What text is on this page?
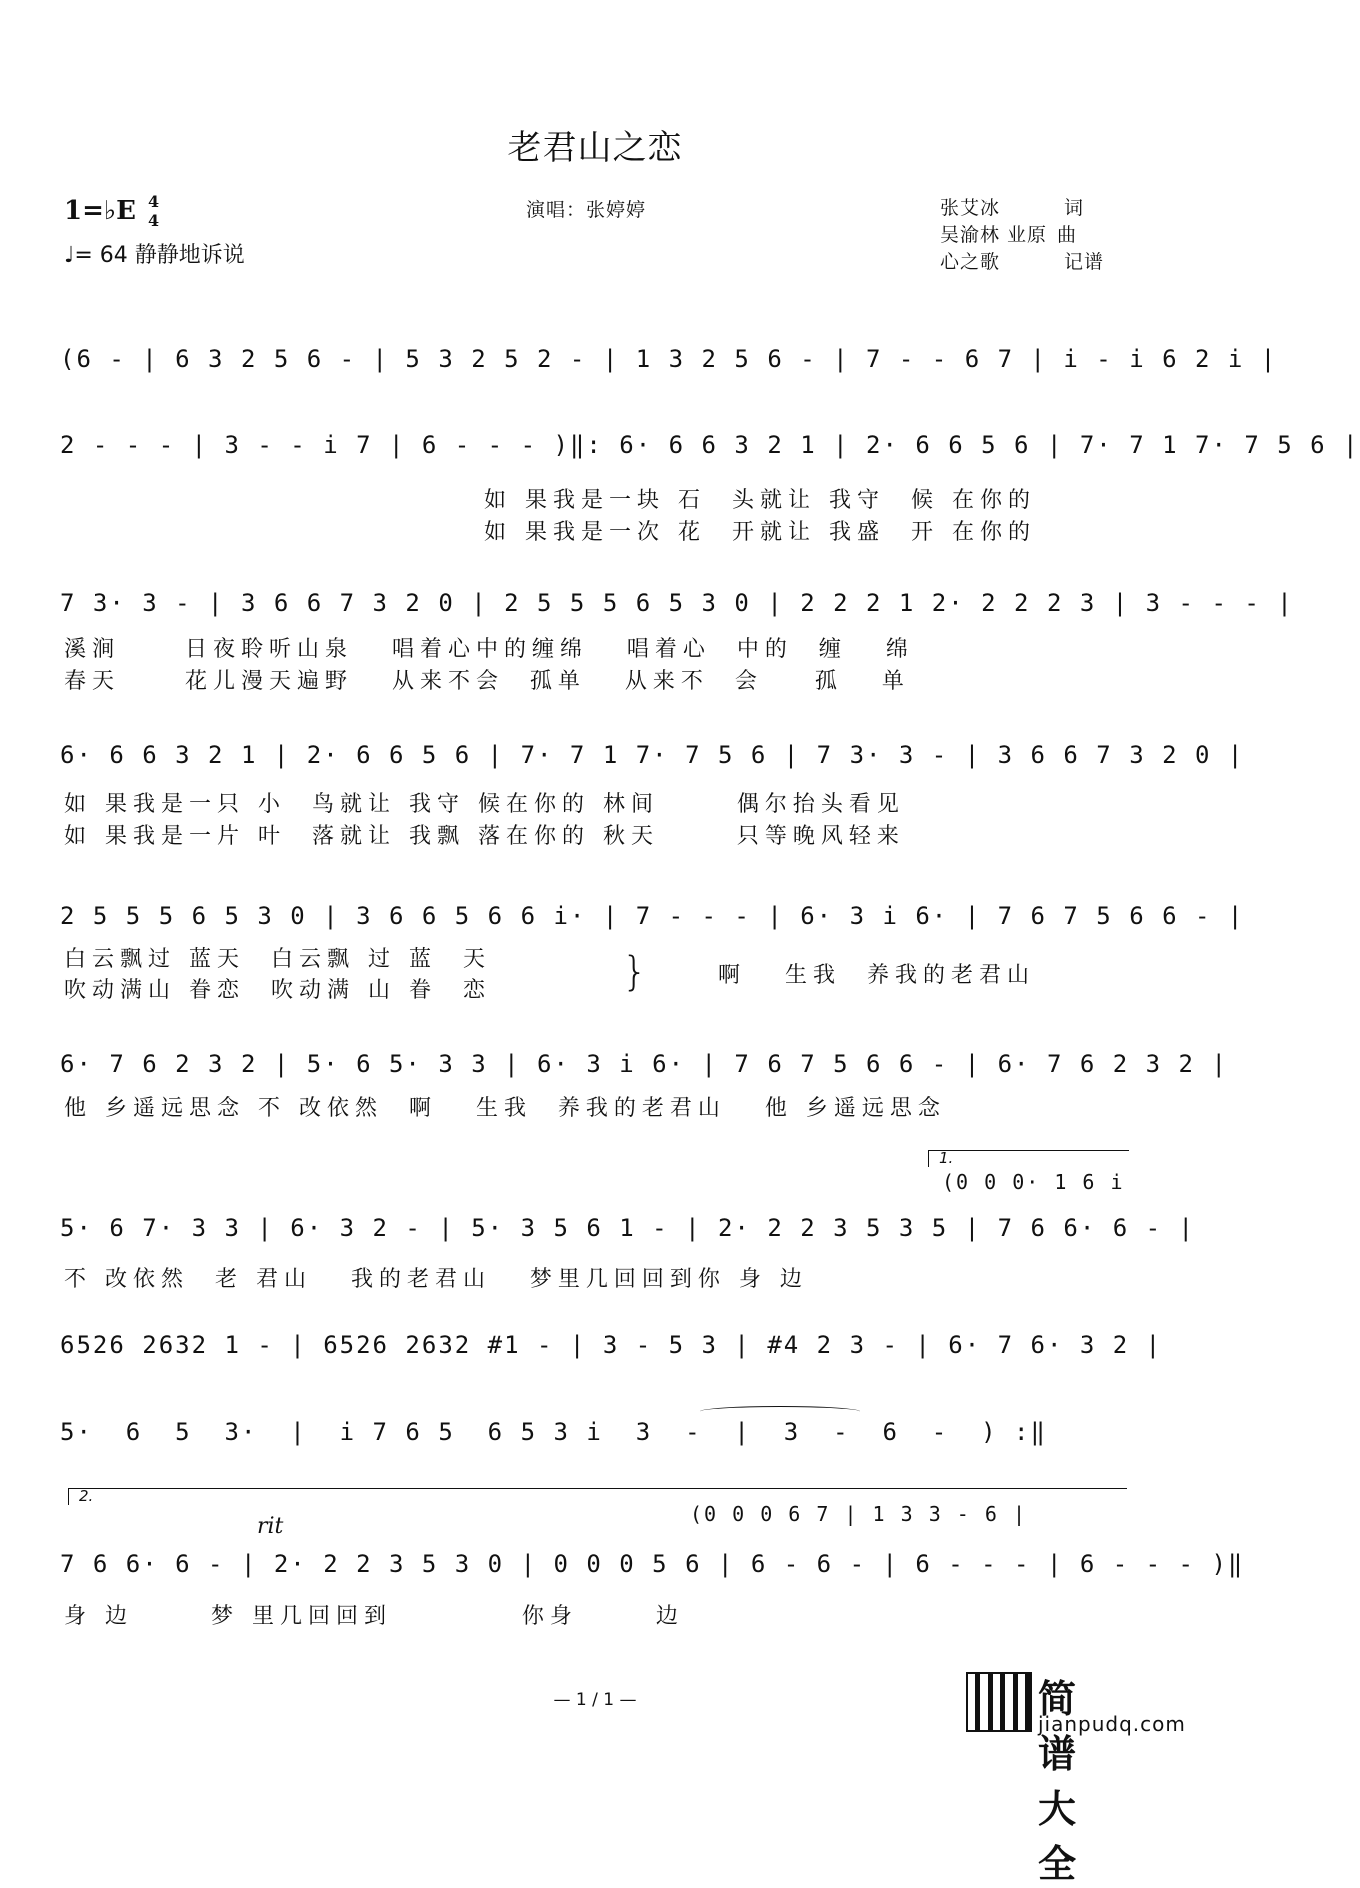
老君山之恋
1=♭E 4
4
♩= 64 静静地诉说
演唱：张婷婷	张艾冰	词
吴渝林 业原 曲
心之歌	记谱
(6 - | 6 3 2 5 6 - | 5 3 2 5 2 - | 1 3 2 5 6 - | 7 - - 6 7 | i - i 6 2 i |
2 - - - | 3 - - i 7 | 6 - - - )‖: 6· 6 6 3 2 1 | 2· 6 6 5 6 | 7· 7 1 7· 7 5 6 |
如 果我是一块 石  头就让 我守  候 在你的
如 果我是一次 花  开就让 我盛  开 在你的
7 3· 3 - | 3 6 6 7 3 2 0 | 2 5 5 5 6 5 3 0 | 2 2 2 1 2· 2 2 2 3 | 3 - - - |
溪涧     日夜聆听山泉   唱着心中的缠绵   唱着心  中的  缠   绵
春天     花儿漫天遍野   从来不会  孤单   从来不  会    孤   单
6· 6 6 3 2 1 | 2· 6 6 5 6 | 7· 7 1 7· 7 5 6 | 7 3· 3 - | 3 6 6 7 3 2 0 |
如 果我是一只 小  鸟就让 我守 候在你的 林间      偶尔抬头看见
如 果我是一片 叶  落就让 我飘 落在你的 秋天      只等晚风轻来
2 5 5 5 6 5 3 0 | 3 6 6 5 6 6 i· | 7 - - - | 6· 3 i 6· | 7 6 7 5 6 6 - |
白云飘过 蓝天  白云飘 过 蓝  天
吹动满山 眷恋  吹动满 山 眷  恋	}	啊   生我  养我的老君山
6· 7 6 2 3 2 | 5· 6 5· 3 3 | 6· 3 i 6· | 7 6 7 5 6 6 - | 6· 7 6 2 3 2 |
他 乡遥远思念 不 改依然  啊   生我  养我的老君山   他 乡遥远思念
1.
(0 0 0· 1 6 i
5· 6 7· 3 3 | 6· 3 2 - | 5· 3 5 6 1 - | 2· 2 2 3 5 3 5 | 7 6 6· 6 - |
不 改依然  老 君山   我的老君山   梦里几回回到你 身 边
6526 2632 1 - | 6526 2632 #1 - | 3 - 5 3 | #4 2 3 - | 6· 7 6· 3 2 |
5·  6  5  3·  |  i 7 6 5  6 5 3 i  3  -  |  3  -  6  -  ) :‖
2.
(0 0 0 6 7 | 1 3 3 - 6 |
rit
7 6 6· 6 - | 2· 2 2 3 5 3 0 | 0 0 0 5 6 | 6 - 6 - | 6 - - - | 6 - - - )‖
身 边      梦 里几回回到          你身      边
— 1 / 1 —	简谱大全
jianpudq.com
